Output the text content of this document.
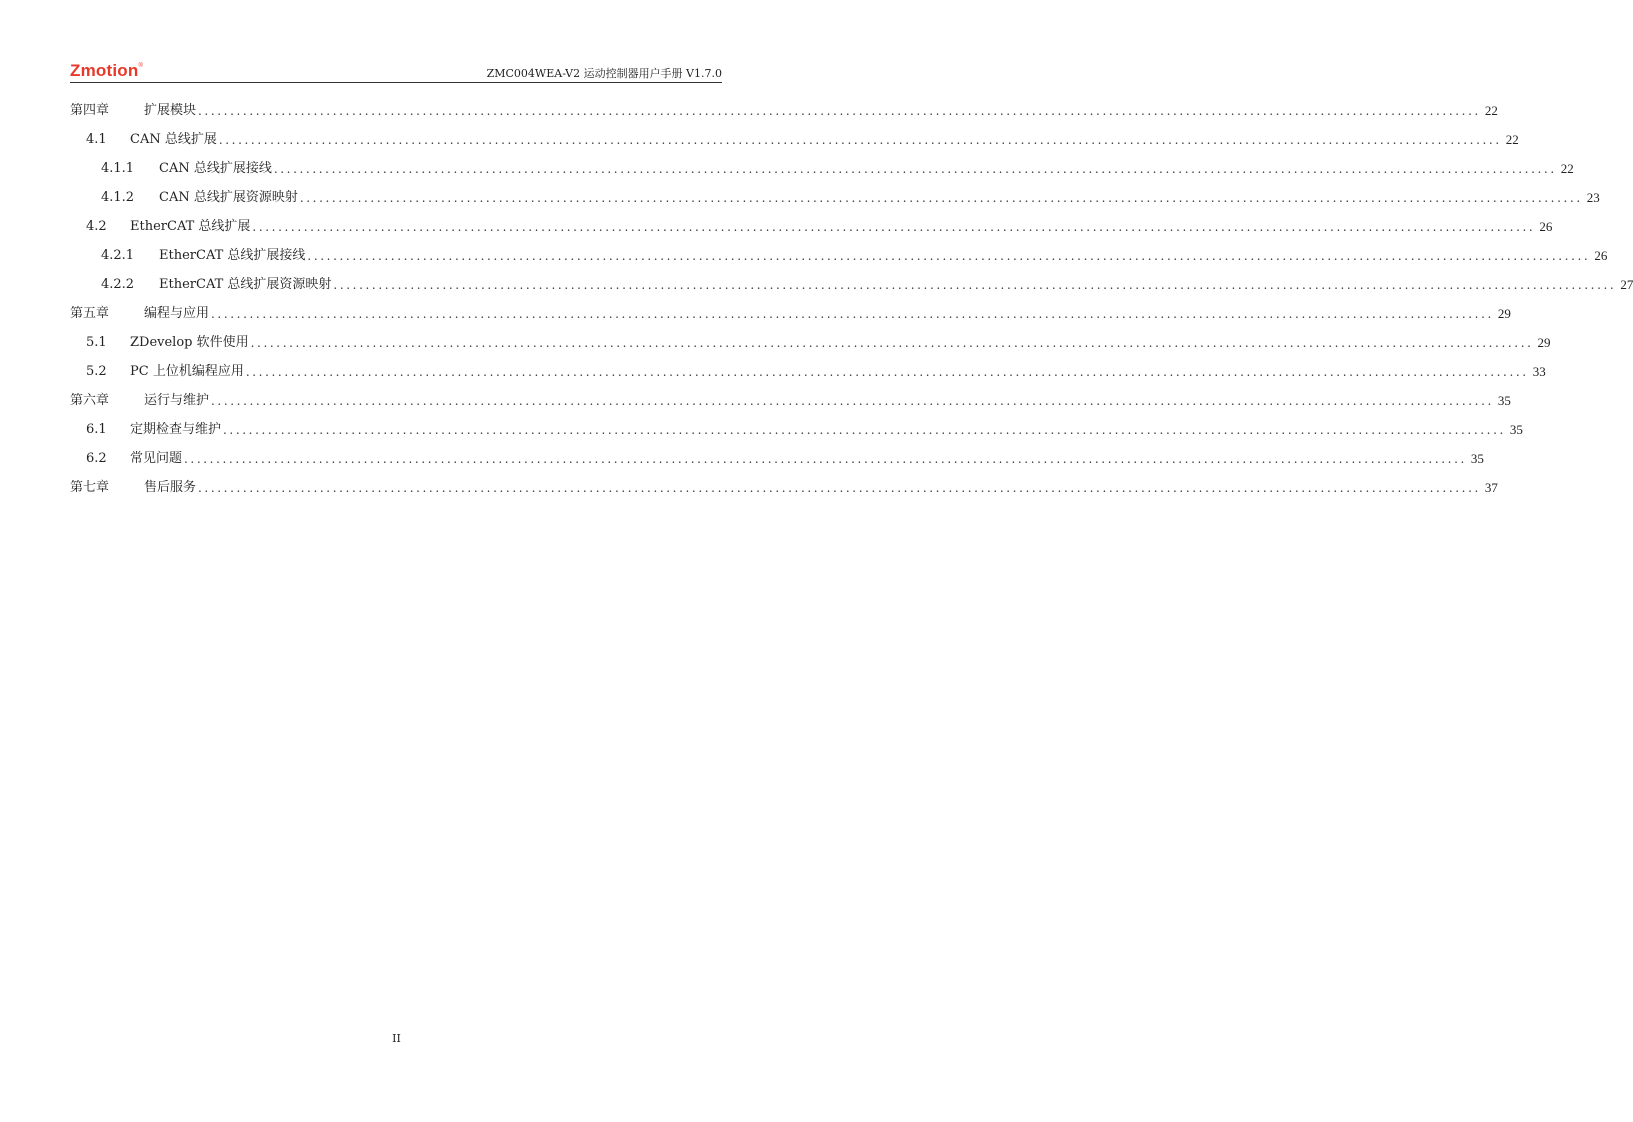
Zmotion®
ZMC004WEA-V2 运动控制器用户手册 V1.7.0
第四章	扩展模块 ........................................................................................................................................................................................................ 22
4.1	CAN 总线扩展 ........................................................................................................................................................................................................ 22
4.1.1	CAN 总线扩展接线 ........................................................................................................................................................................................................ 22
4.1.2	CAN 总线扩展资源映射 ........................................................................................................................................................................................................ 23
4.2	EtherCAT 总线扩展 ........................................................................................................................................................................................................ 26
4.2.1	EtherCAT 总线扩展接线 ........................................................................................................................................................................................................ 26
4.2.2	EtherCAT 总线扩展资源映射 ........................................................................................................................................................................................................ 27
第五章	编程与应用 ........................................................................................................................................................................................................ 29
5.1	ZDevelop 软件使用 ........................................................................................................................................................................................................ 29
5.2	PC 上位机编程应用 ........................................................................................................................................................................................................ 33
第六章	运行与维护 ........................................................................................................................................................................................................ 35
6.1	定期检查与维护 ........................................................................................................................................................................................................ 35
6.2	常见问题 ........................................................................................................................................................................................................ 35
第七章	售后服务 ........................................................................................................................................................................................................ 37
II
